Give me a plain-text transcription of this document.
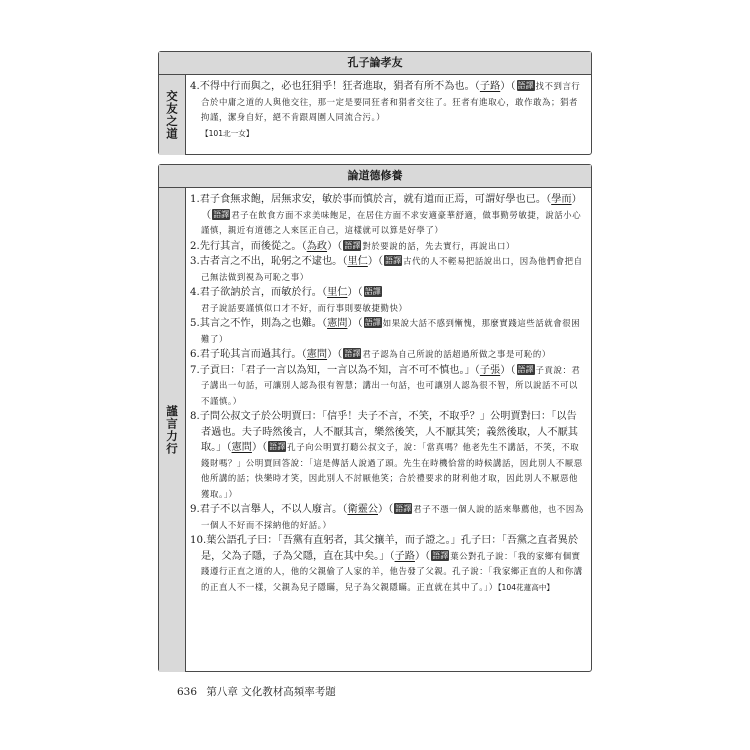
孔子論孝友
交友之道
4.不得中行而與之，必也狂狷乎！狂者進取，狷者有所不為也。（子路）（ 語譯 找不到言行合於中庸之道的人與他交往，那一定是要同狂者和狷者交往了。狂者有進取心，敢作敢為；狷者拘謹，潔身自好，絕不肯跟周圍人同流合污。）
【101北一女】
論道德修養
謹言力行
1.君子食無求飽，居無求安，敏於事而慎於言，就有道而正焉，可謂好學也已。（學而）（ 語譯 君子在飲食方面不求美味飽足，在居住方面不求安適豪華舒適，做事勤勞敏捷，說話小心謹慎，親近有道德之人來匡正自己，這樣就可以算是好學了）
2.先行其言，而後從之。（為政）（ 語譯 對於要說的話，先去實行，再說出口）
3.古者言之不出，恥躬之不逮也。（里仁）（ 語譯 古代的人不輕易把話說出口，因為他們會把自己無法做到視為可恥之事）
4.君子欲訥於言，而敏於行。（里仁）（ 語譯君子說話要謹慎似口才不好，而行事則要敏捷勤快）
5.其言之不怍，則為之也難。（憲問）（ 語譯 如果說大話不感到慚愧，那麼實踐這些話就會很困難了）
6.君子恥其言而過其行。（憲問）（ 語譯 君子認為自己所說的話超過所做之事是可恥的）
7.子貢曰：「君子一言以為知，一言以為不知，言不可不慎也。」（子張）（ 語譯 子貢說：君子講出一句話，可讓別人認為很有智慧；講出一句話，也可讓別人認為很不智，所以說話不可以不謹慎。）
8.子問公叔文子於公明賈曰：「信乎！夫子不言，不笑，不取乎？」公明賈對曰：「以告者過也。夫子時然後言，人不厭其言，樂然後笑，人不厭其笑；義然後取，人不厭其取。」（憲問）（ 語譯 孔子向公明賈打聽公叔文子，說：「當真嗎？他老先生不講話，不笑，不取錢財嗎？」公明賈回答說：「這是傳話人說過了頭。先生在時機恰當的時候講話，因此別人不厭惡他所講的話；快樂時才笑，因此別人不討厭他笑；合於禮要求的財利他才取，因此別人不厭惡他獲取。」）
9.君子不以言舉人，不以人廢言。（衛靈公）（ 語譯 君子不憑一個人說的話來舉薦他，也不因為一個人不好而不採納他的好話。）
10.葉公語孔子曰：「吾黨有直躬者，其父攘羊，而子證之。」孔子曰：「吾黨之直者異於是，父為子隱，子為父隱，直在其中矣。」（子路）（ 語譯 葉公對孔子說：「我的家鄉有個實踐遵行正直之道的人，他的父親偷了人家的羊，他告發了父親。孔子說：「我家鄉正直的人和你講的正直人不一樣，父親為兒子隱瞞，兒子為父親隱瞞。正直就在其中了。」）【104花蓮高中】
636 第八章 文化教材高頻率考題
